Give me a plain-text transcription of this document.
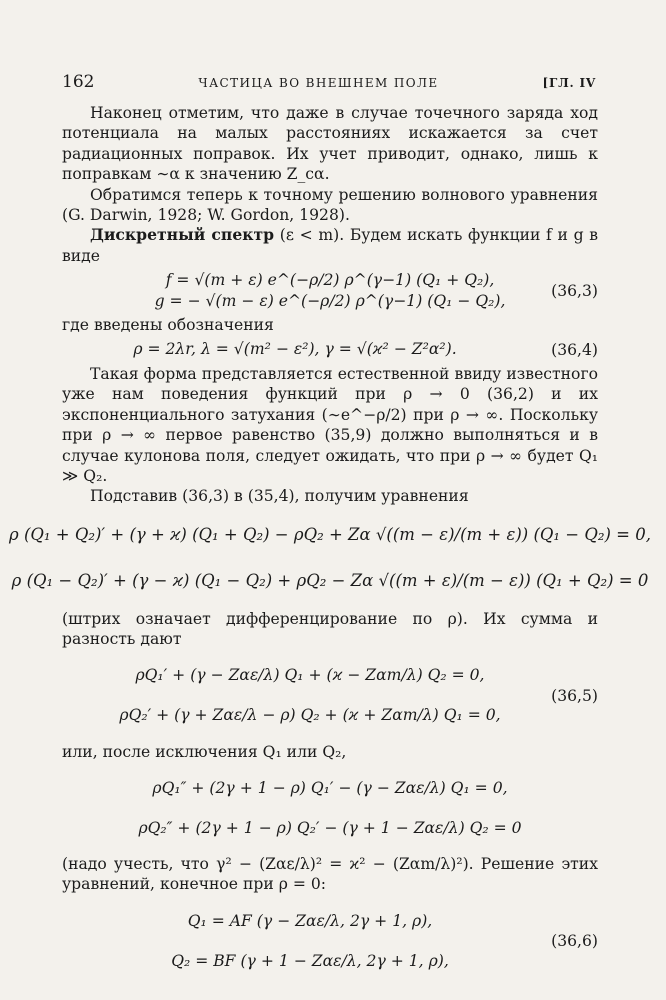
162	ЧАСТИЦА ВО ВНЕШНЕМ ПОЛЕ	[ГЛ. IV

Наконец отметим, что даже в случае точечного заряда ход потенциала на малых расстояниях искажается за счет радиационных поправок. Их учет приводит, однако, лишь к поправкам ∼α к значению Z_cα.

Обратимся теперь к точному решению волнового уравнения (G. Darwin, 1928; W. Gordon, 1928).

Дискретный спектр (ε < m). Будем искать функции f и g в виде

f = √(m + ε) e^(−ρ/2) ρ^(γ−1) (Q₁ + Q₂),
g = − √(m − ε) e^(−ρ/2) ρ^(γ−1) (Q₁ − Q₂),
(36,3)

где введены обозначения

ρ = 2λr, λ = √(m² − ε²), γ = √(ϰ² − Z²α²).	(36,4)

Такая форма представляется естественной ввиду известного уже нам поведения функций при ρ → 0 (36,2) и их экспоненциального затухания (∼e^−ρ/2) при ρ → ∞. Поскольку при ρ → ∞ первое равенство (35,9) должно выполняться и в случае кулонова поля, следует ожидать, что при ρ → ∞ будет Q₁ ≫ Q₂.

Подставив (36,3) в (35,4), получим уравнения

ρ (Q₁ + Q₂)′ + (γ + ϰ) (Q₁ + Q₂) − ρQ₂ + Zα √((m − ε)/(m + ε)) (Q₁ − Q₂) = 0,
ρ (Q₁ − Q₂)′ + (γ − ϰ) (Q₁ − Q₂) + ρQ₂ − Zα √((m + ε)/(m − ε)) (Q₁ + Q₂) = 0

(штрих означает дифференцирование по ρ). Их сумма и разность дают

ρQ₁′ + (γ − Zαε/λ) Q₁ + (ϰ − Zαm/λ) Q₂ = 0,
ρQ₂′ + (γ + Zαε/λ − ρ) Q₂ + (ϰ + Zαm/λ) Q₁ = 0,
(36,5)

или, после исключения Q₁ или Q₂,

ρQ₁″ + (2γ + 1 − ρ) Q₁′ − (γ − Zαε/λ) Q₁ = 0,
ρQ₂″ + (2γ + 1 − ρ) Q₂′ − (γ + 1 − Zαε/λ) Q₂ = 0

(надо учесть, что γ² − (Zαε/λ)² = ϰ² − (Zαm/λ)²). Решение этих уравнений, конечное при ρ = 0:

Q₁ = AF (γ − Zαε/λ, 2γ + 1, ρ),
Q₂ = BF (γ + 1 − Zαε/λ, 2γ + 1, ρ),
(36,6)
